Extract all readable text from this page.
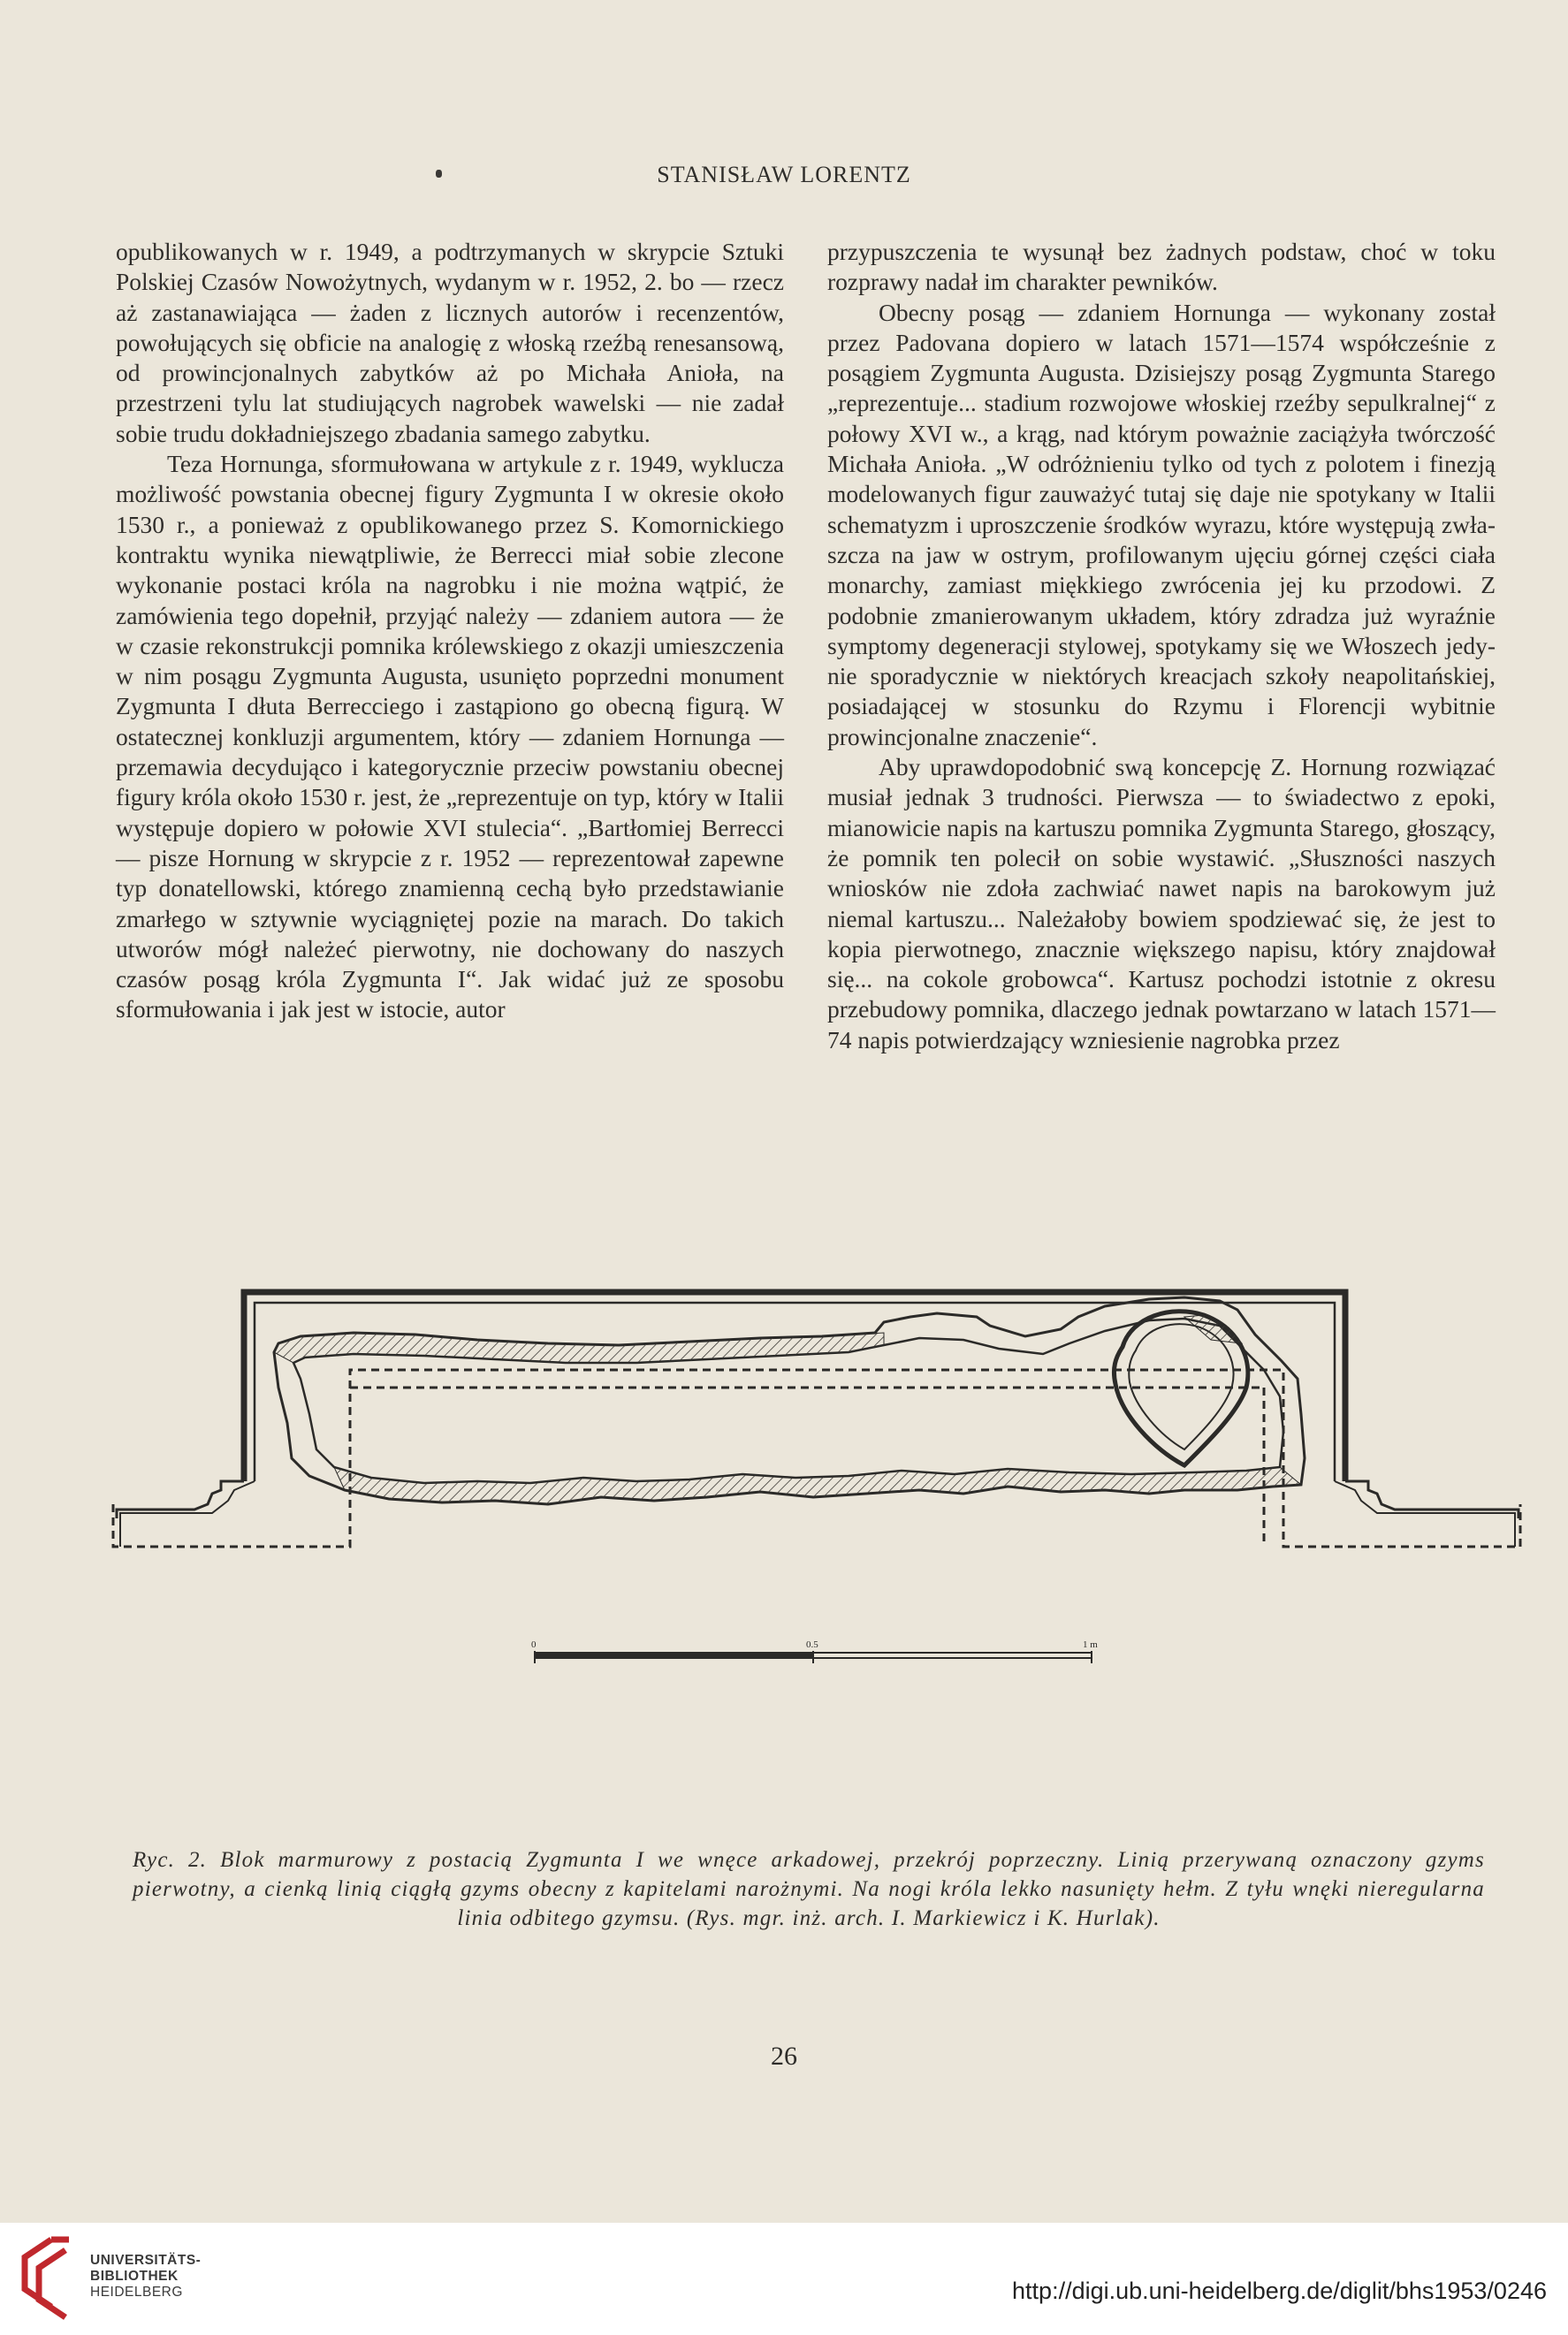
STANISŁAW LORENTZ

opublikowanych w r. 1949, a podtrzymanych w skrypcie Sztuki Polskiej Czasów Nowożytnych, wydanym w r. 1952, 2. bo — rzecz aż zastanawiająca — żaden z licznych autorów i recenzentów, powołujących się obficie na analogię z włoską rzeźbą renesansową, od prowincjonalnych zabytków aż po Michała Anioła, na przestrzeni tylu lat studiujących nagrobek wawelski — nie zadał sobie trudu dokładniejszego zbadania samego zabytku.

Teza Hornunga, sformułowana w artykule z r. 1949, wyklucza możliwość powstania obecnej figury Zygmunta I w okresie około 1530 r., a ponieważ z opublikowanego przez S. Komornickiego kontraktu wynika niewątpliwie, że Berrecci miał sobie zlecone wykonanie postaci króla na nagrobku i nie można wątpić, że zamówienia tego dopełnił, przyjąć należy — zdaniem autora — że w czasie rekonstrukcji pomnika królewskiego z okazji umieszczenia w nim posągu Zygmunta Augusta, usunięto poprzedni monument Zygmunta I dłuta Berrecciego i zastąpiono go obecną figurą. W ostatecznej konkluzji argumentem, który — zdaniem Hornunga — przemawia decydująco i kategorycznie przeciw powstaniu obecnej figury króla około 1530 r. jest, że „reprezentuje on typ, który w Italii występuje dopiero w połowie XVI stulecia“. „Bartłomiej Berrecci — pisze Hornung w skrypcie z r. 1952 — reprezentował zapewne typ donatellowski, którego znamienną cechą było przedstawianie zmarłego w sztywnie wyciągniętej pozie na marach. Do takich utworów mógł należeć pierwotny, nie dochowany do naszych czasów posąg króla Zygmunta I“. Jak widać już ze sposobu sformułowania i jak jest w istocie, autor

przypuszczenia te wysunął bez żadnych podstaw, choć w toku rozprawy nadał im charakter pewników.

Obecny posąg — zdaniem Hornunga — wykonany został przez Padovana dopiero w latach 1571—1574 współcześnie z posągiem Zygmunta Augusta. Dzisiejszy posąg Zygmunta Starego „reprezentuje... stadium rozwojowe włoskiej rzeźby sepulkralnej“ z połowy XVI w., a krąg, nad którym poważnie zaciążyła twórczość Michała Anioła. „W odróżnieniu tylko od tych z polotem i finezją modelowanych figur zauważyć tutaj się daje nie spotykany w Italii schematyzm i uproszczenie środków wyrazu, które występują zwłaszcza na jaw w ostrym, profilowanym ujęciu górnej części ciała monarchy, zamiast miękkiego zwrócenia jej ku przodowi. Z podobnie zmanierowanym układem, który zdradza już wyraźnie symptomy degeneracji stylowej, spotykamy się we Włoszech jedynie sporadycznie w niektórych kreacjach szkoły neapolitańskiej, posiadającej w stosunku do Rzymu i Florencji wybitnie prowincjonalne znaczenie“.

Aby uprawdopodobnić swą koncepcję Z. Hornung rozwiązać musiał jednak 3 trudności. Pierwsza — to świadectwo z epoki, mianowicie napis na kartuszu pomnika Zygmunta Starego, głoszący, że pomnik ten polecił on sobie wystawić. „Słuszności naszych wniosków nie zdoła zachwiać nawet napis na barokowym już niemal kartuszu... Należałoby bowiem spodziewać się, że jest to kopia pierwotnego, znacznie większego napisu, który znajdował się... na cokole grobowca“. Kartusz pochodzi istotnie z okresu przebudowy pomnika, dlaczego jednak powtarzano w latach 1571—74 napis potwierdzający wzniesienie nagrobka przez

0	0.5	1 m
Ryc. 2. Blok marmurowy z postacią Zygmunta I we wnęce arkadowej, przekrój poprzeczny. Linią przerywaną oznaczony gzyms pierwotny, a cienką linią ciągłą gzyms obecny z kapitelami narożnymi. Na nogi króla lekko nasunięty hełm. Z tyłu wnęki nieregularna linia odbitego gzymsu. (Rys. mgr. inż. arch. I. Markiewicz i K. Hurlak).
26
UNIVERSITÄTS-
BIBLIOTHEK
HEIDELBERG	http://digi.ub.uni-heidelberg.de/diglit/bhs1953/0246
